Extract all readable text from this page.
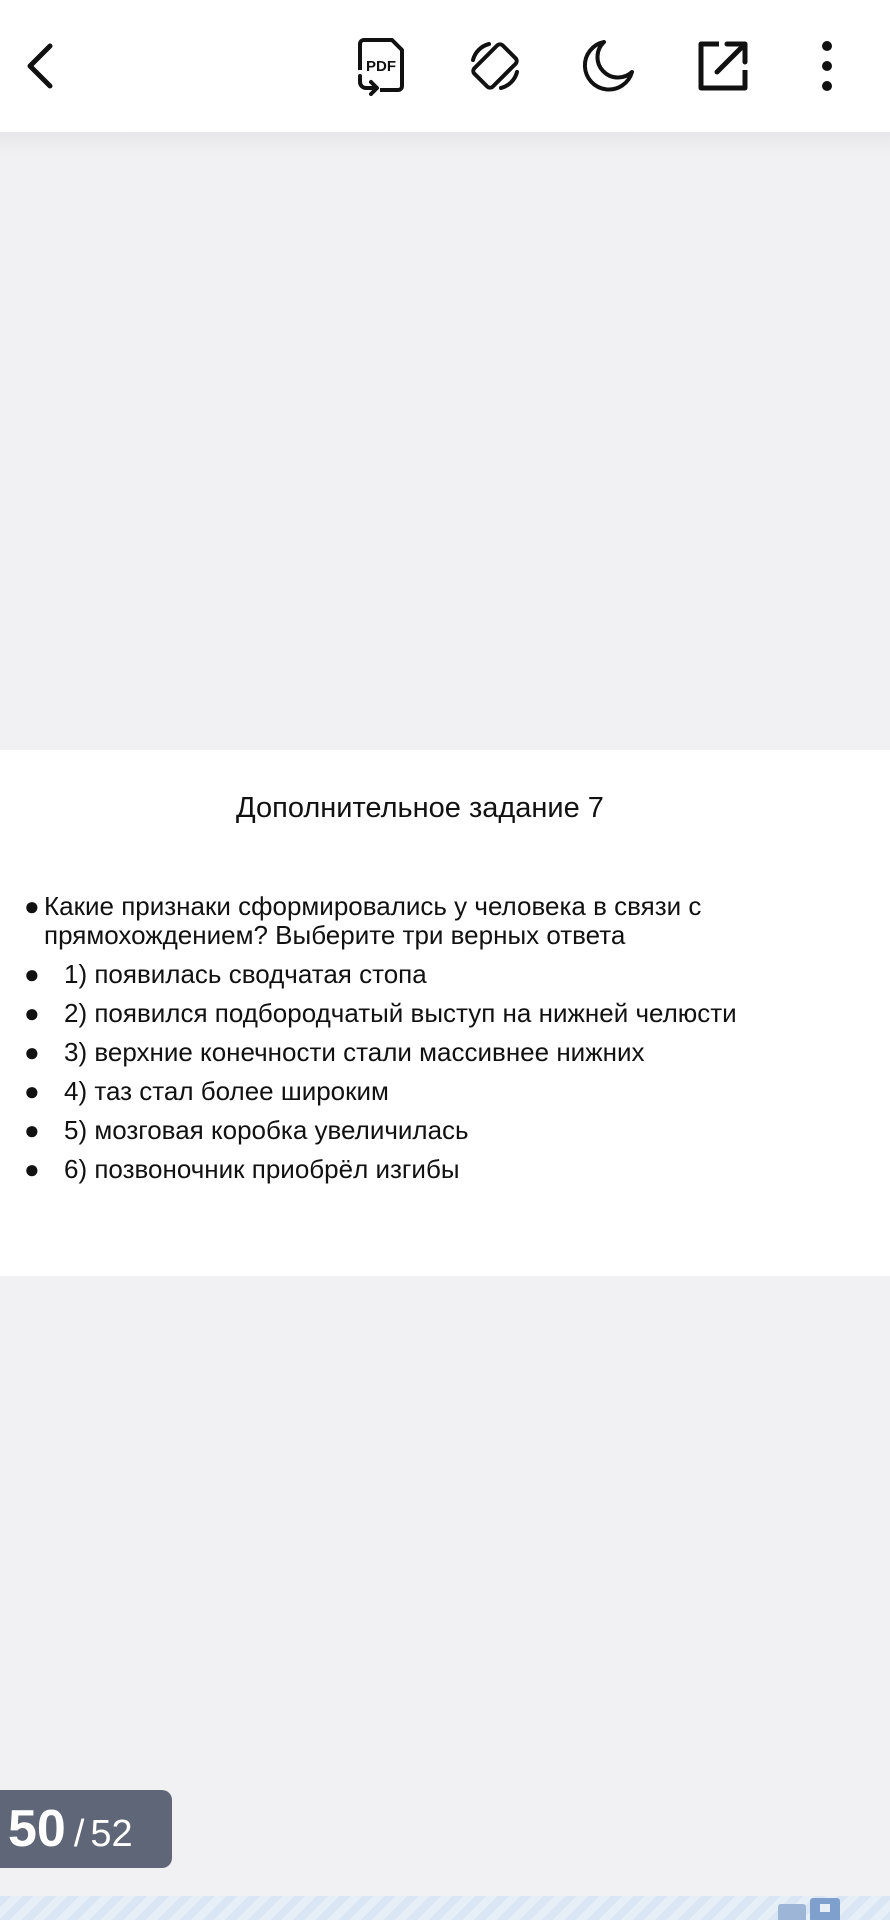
PDF
Дополнительное задание 7
● Какие признаки сформировались у человека в связи с прямохождением? Выберите три верных ответа
● 1) появилась сводчатая стопа
● 2) появился подбородчатый выступ на нижней челюсти
● 3) верхние конечности стали массивнее нижних
● 4) таз стал более широким
● 5) мозговая коробка увеличилась
● 6) позвоночник приобрёл изгибы
50 / 52
